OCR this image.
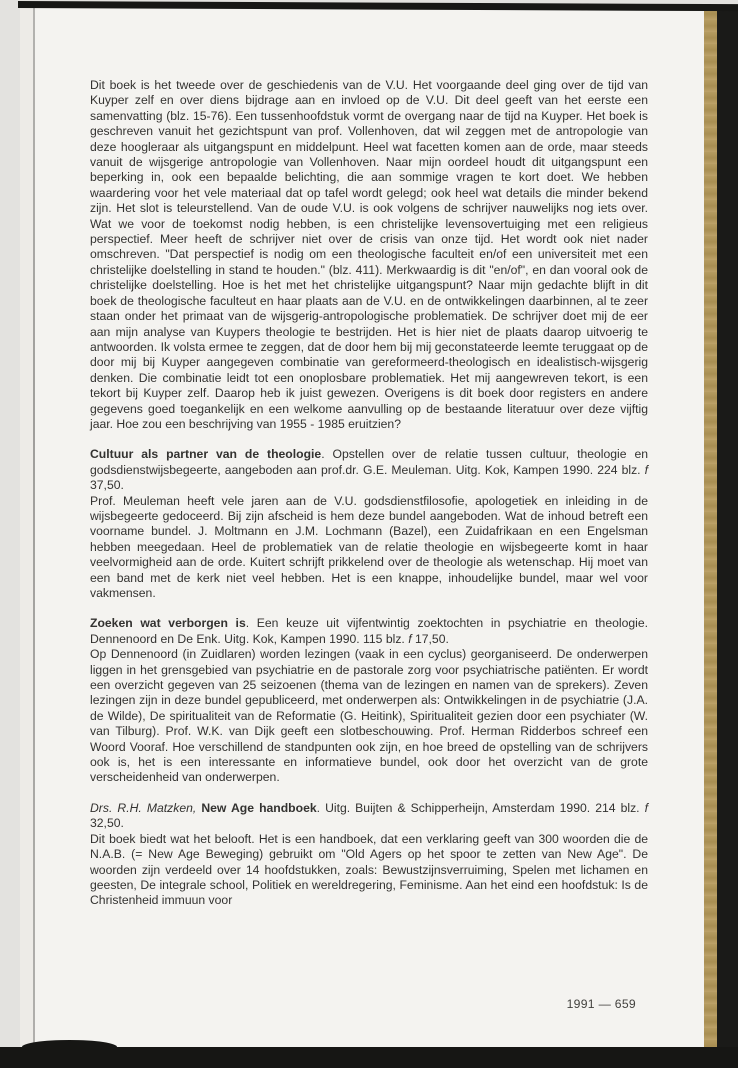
Dit boek is het tweede over de geschiedenis van de V.U. Het voorgaande deel ging over de tijd van Kuyper zelf en over diens bijdrage aan en invloed op de V.U. Dit deel geeft van het eerste een samenvatting (blz. 15-76). Een tussenhoofdstuk vormt de overgang naar de tijd na Kuyper. Het boek is geschreven vanuit het gezichtspunt van prof. Vollenhoven, dat wil zeggen met de antropologie van deze hoogleraar als uitgangspunt en middelpunt. Heel wat facetten komen aan de orde, maar steeds vanuit de wijsgerige antropologie van Vollenhoven. Naar mijn oordeel houdt dit uitgangspunt een beperking in, ook een bepaalde belichting, die aan sommige vragen te kort doet. We hebben waardering voor het vele materiaal dat op tafel wordt gelegd; ook heel wat details die minder bekend zijn. Het slot is teleurstellend. Van de oude V.U. is ook volgens de schrijver nauwelijks nog iets over. Wat we voor de toekomst nodig hebben, is een christelijke levensovertuiging met een religieus perspectief. Meer heeft de schrijver niet over de crisis van onze tijd. Het wordt ook niet nader omschreven. "Dat perspectief is nodig om een theologische faculteit en/of een universiteit met een christelijke doelstelling in stand te houden." (blz. 411). Merkwaardig is dit "en/of", en dan vooral ook de christelijke doelstelling. Hoe is het met het christelijke uitgangspunt? Naar mijn gedachte blijft in dit boek de theologische faculteut en haar plaats aan de V.U. en de ontwikkelingen daarbinnen, al te zeer staan onder het primaat van de wijsgerig-antropologische problematiek. De schrijver doet mij de eer aan mijn analyse van Kuypers theologie te bestrijden. Het is hier niet de plaats daarop uitvoerig te antwoorden. Ik volsta ermee te zeggen, dat de door hem bij mij geconstateerde leemte teruggaat op de door mij bij Kuyper aangegeven combinatie van gereformeerd-theologisch en idealistisch-wijsgerig denken. Die combinatie leidt tot een onoplosbare problematiek. Het mij aangewreven tekort, is een tekort bij Kuyper zelf. Daarop heb ik juist gewezen. Overigens is dit boek door registers en andere gegevens goed toegankelijk en een welkome aanvulling op de bestaande literatuur over deze vijftig jaar. Hoe zou een beschrijving van 1955 - 1985 eruitzien?

Cultuur als partner van de theologie. Opstellen over de relatie tussen cultuur, theologie en godsdienstwijsbegeerte, aangeboden aan prof.dr. G.E. Meuleman. Uitg. Kok, Kampen 1990. 224 blz. f 37,50.
Prof. Meuleman heeft vele jaren aan de V.U. godsdienstfilosofie, apologetiek en inleiding in de wijsbegeerte gedoceerd. Bij zijn afscheid is hem deze bundel aangeboden. Wat de inhoud betreft een voorname bundel. J. Moltmann en J.M. Lochmann (Bazel), een Zuidafrikaan en een Engelsman hebben meegedaan. Heel de problematiek van de relatie theologie en wijsbegeerte komt in haar veelvormigheid aan de orde. Kuitert schrijft prikkelend over de theologie als wetenschap. Hij moet van een band met de kerk niet veel hebben. Het is een knappe, inhoudelijke bundel, maar wel voor vakmensen.
Zoeken wat verborgen is. Een keuze uit vijfentwintig zoektochten in psychiatrie en theologie. Dennenoord en De Enk. Uitg. Kok, Kampen 1990. 115 blz. f 17,50.
Op Dennenoord (in Zuidlaren) worden lezingen (vaak in een cyclus) georganiseerd. De onderwerpen liggen in het grensgebied van psychiatrie en de pastorale zorg voor psychiatrische patiënten. Er wordt een overzicht gegeven van 25 seizoenen (thema van de lezingen en namen van de sprekers). Zeven lezingen zijn in deze bundel gepubliceerd, met onderwerpen als: Ontwikkelingen in de psychiatrie (J.A. de Wilde), De spiritualiteit van de Reformatie (G. Heitink), Spiritualiteit gezien door een psychiater (W. van Tilburg). Prof. W.K. van Dijk geeft een slotbeschouwing. Prof. Herman Ridderbos schreef een Woord Vooraf. Hoe verschillend de standpunten ook zijn, en hoe breed de opstelling van de schrijvers ook is, het is een interessante en informatieve bundel, ook door het overzicht van de grote verscheidenheid van onderwerpen.
Drs. R.H. Matzken, New Age handboek. Uitg. Buijten & Schipperheijn, Amsterdam 1990. 214 blz. f 32,50.
Dit boek biedt wat het belooft. Het is een handboek, dat een verklaring geeft van 300 woorden die de N.A.B. (= New Age Beweging) gebruikt om "Old Agers op het spoor te zetten van New Age". De woorden zijn verdeeld over 14 hoofdstukken, zoals: Bewustzijnsverruiming, Spelen met lichamen en geesten, De integrale school, Politiek en wereldregering, Feminisme. Aan het eind een hoofdstuk: Is de Christenheid immuun voor
1991 — 659
